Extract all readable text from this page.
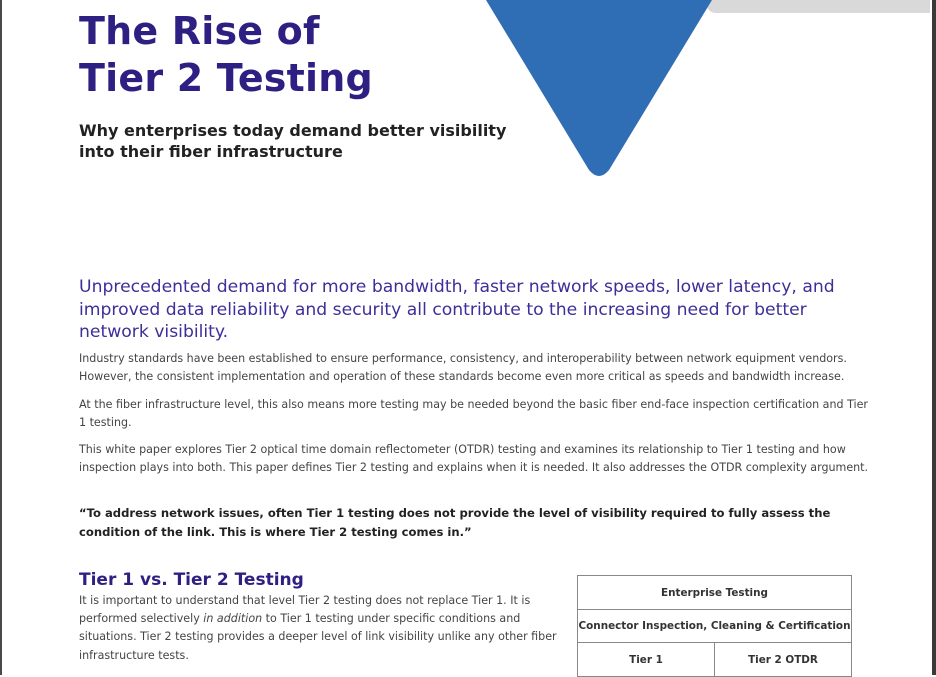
The Rise of
Tier 2 Testing

Why enterprises today demand better visibility into their fiber infrastructure

Unprecedented demand for more bandwidth, faster network speeds, lower latency, and improved data reliability and security all contribute to the increasing need for better network visibility.

Industry standards have been established to ensure performance, consistency, and interoperability between network equipment vendors. However, the consistent implementation and operation of these standards become even more critical as speeds and bandwidth increase.

At the fiber infrastructure level, this also means more testing may be needed beyond the basic fiber end-face inspection certification and Tier 1 testing.

This white paper explores Tier 2 optical time domain reflectometer (OTDR) testing and examines its relationship to Tier 1 testing and how inspection plays into both. This paper defines Tier 2 testing and explains when it is needed. It also addresses the OTDR complexity argument.

“To address network issues, often Tier 1 testing does not provide the level of visibility required to fully assess the condition of the link. This is where Tier 2 testing comes in.”

Tier 1 vs. Tier 2 Testing

It is important to understand that level Tier 2 testing does not replace Tier 1. It is performed selectively in addition to Tier 1 testing under specific conditions and situations. Tier 2 testing provides a deeper level of link visibility unlike any other fiber infrastructure tests.

Enterprise Testing
Connector Inspection, Cleaning & Certification
Tier 1	Tier 2 OTDR
